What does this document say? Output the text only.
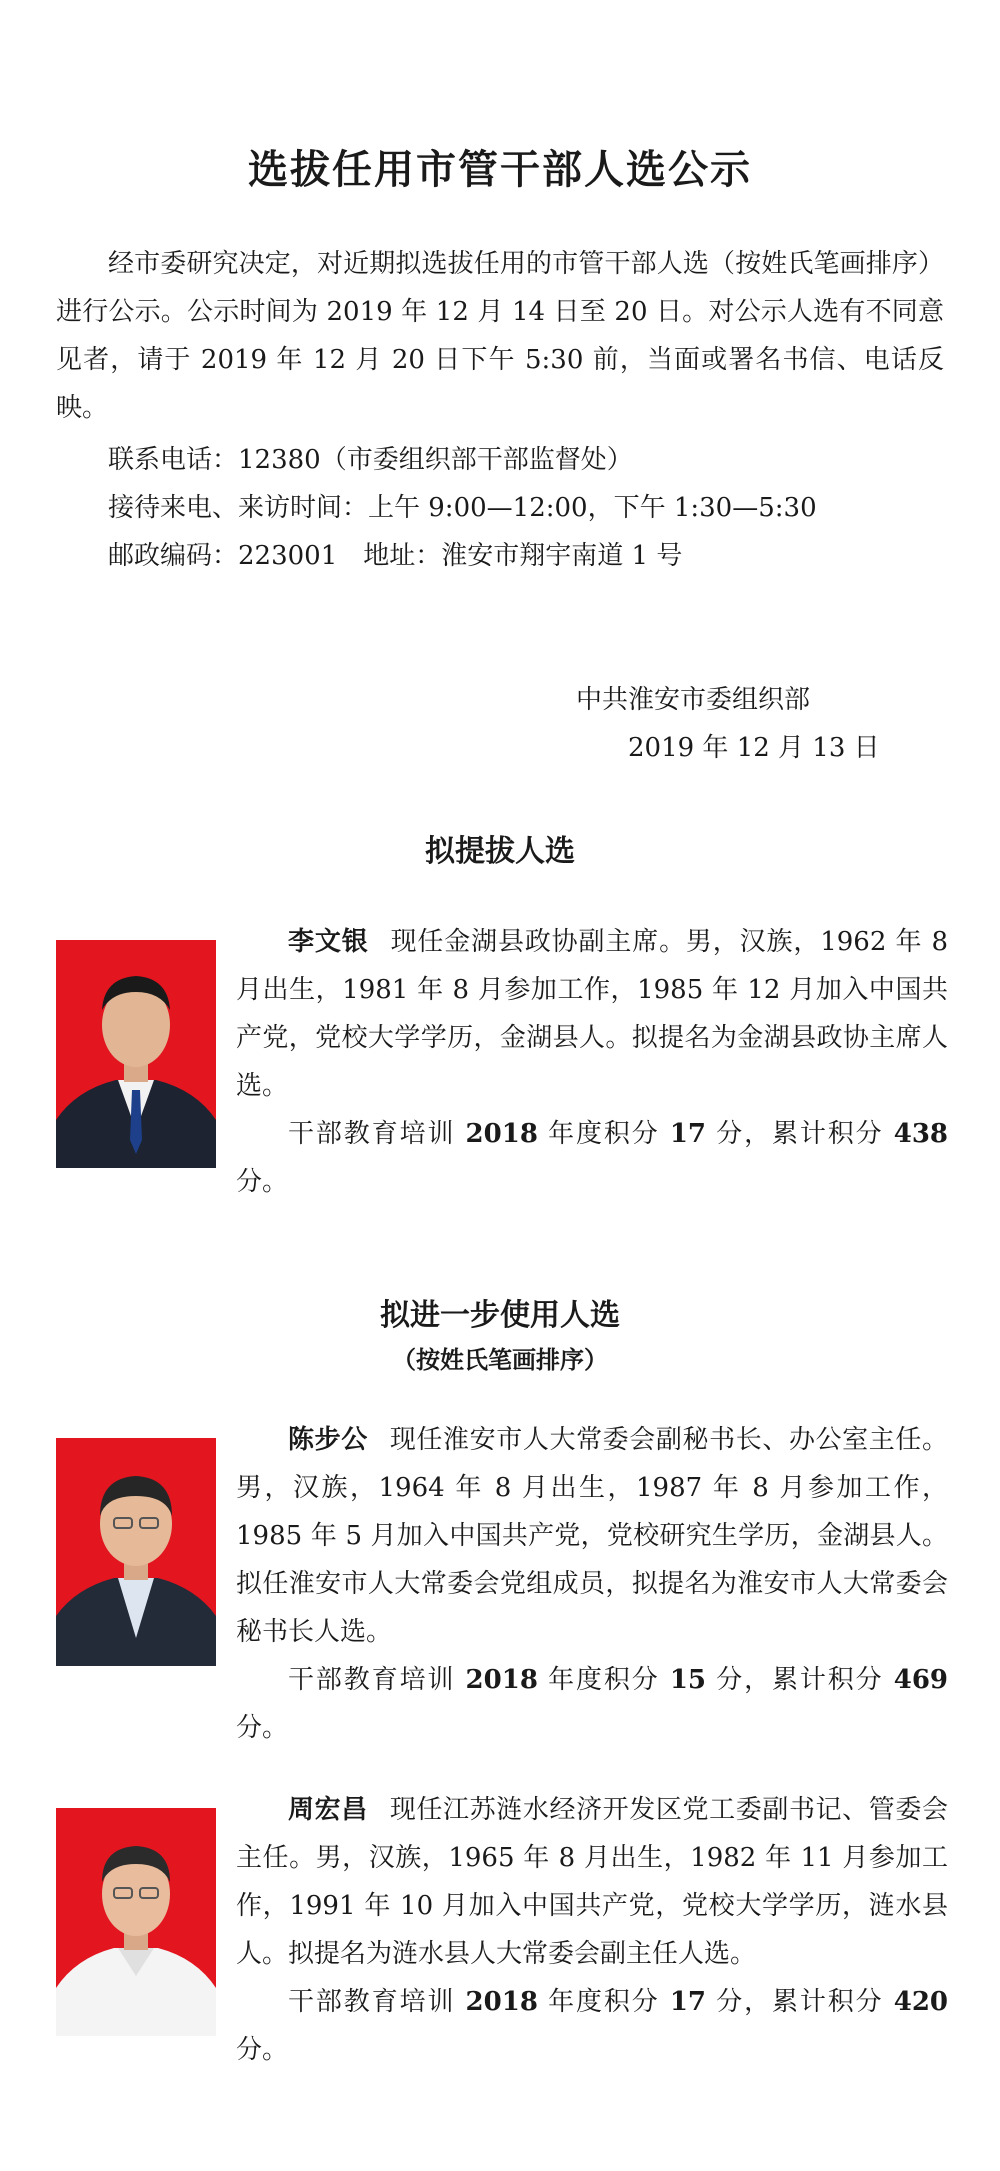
选拔任用市管干部人选公示

经市委研究决定，对近期拟选拔任用的市管干部人选（按姓氏笔画排序）进行公示。公示时间为 2019 年 12 月 14 日至 20 日。对公示人选有不同意见者，请于 2019 年 12 月 20 日下午 5:30 前，当面或署名书信、电话反映。

联系电话：12380（市委组织部干部监督处）
接待来电、来访时间：上午 9:00—12:00，下午 1:30—5:30
邮政编码：223001　地址：淮安市翔宇南道 1 号
中共淮安市委组织部
2019 年 12 月 13 日
拟提拔人选

李文银 现任金湖县政协副主席。男，汉族，1962 年 8 月出生，1981 年 8 月参加工作，1985 年 12 月加入中国共产党，党校大学学历，金湖县人。拟提名为金湖县政协主席人选。

干部教育培训 2018 年度积分 17 分，累计积分 438 分。

拟进一步使用人选
（按姓氏笔画排序）

陈步公 现任淮安市人大常委会副秘书长、办公室主任。男，汉族，1964 年 8 月出生，1987 年 8 月参加工作，1985 年 5 月加入中国共产党，党校研究生学历，金湖县人。拟任淮安市人大常委会党组成员，拟提名为淮安市人大常委会秘书长人选。

干部教育培训 2018 年度积分 15 分，累计积分 469 分。

周宏昌 现任江苏涟水经济开发区党工委副书记、管委会主任。男，汉族，1965 年 8 月出生，1982 年 11 月参加工作，1991 年 10 月加入中国共产党，党校大学学历，涟水县人。拟提名为涟水县人大常委会副主任人选。

干部教育培训 2018 年度积分 17 分，累计积分 420 分。
